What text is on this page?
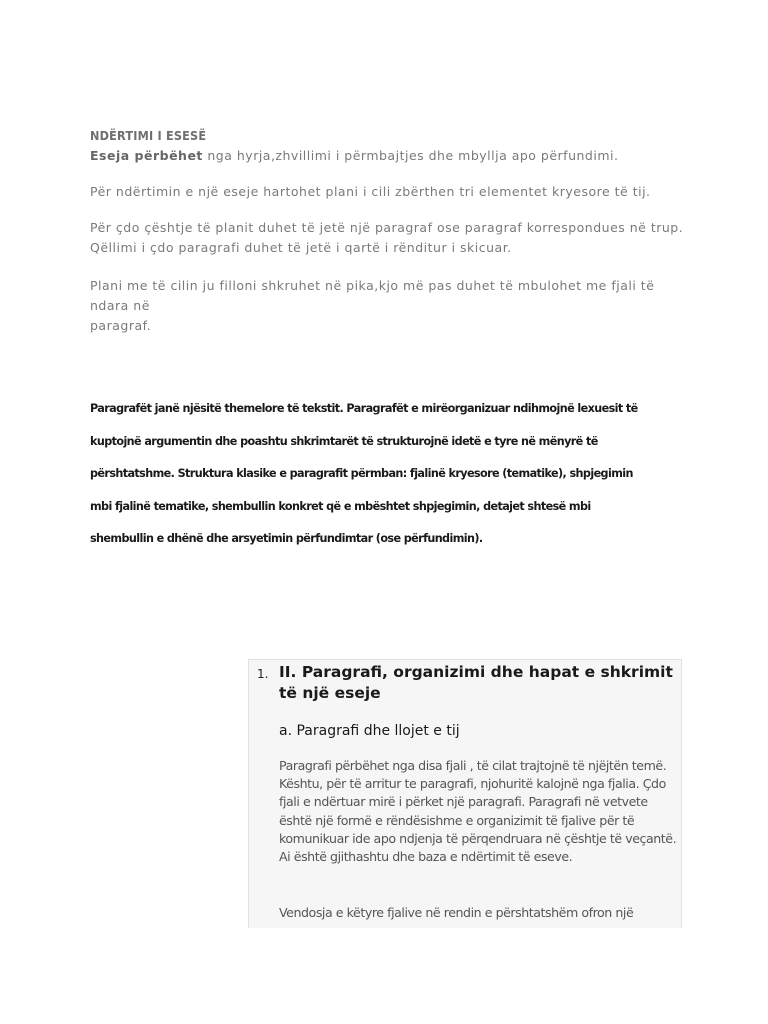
NDËRTIMI I ESESË

Eseja përbëhet nga hyrja,zhvillimi i përmbajtjes dhe mbyllja apo përfundimi.

Për ndërtimin e një eseje hartohet plani i cili zbërthen tri elementet kryesore të tij.

Për çdo çështje të planit duhet të jetë një paragraf ose paragraf korrespondues në trup.
Qëllimi i çdo paragrafi duhet të jetë i qartë i rënditur i skicuar.
Plani me të cilin ju filloni shkruhet në pika,kjo më pas duhet të mbulohet me fjali të ndara në
paragraf.

Paragrafët janë njësitë themelore të tekstit. Paragrafët e mirëorganizuar ndihmojnë lexuesit të

kuptojnë argumentin dhe poashtu shkrimtarët të strukturojnë idetë e tyre në mënyrë të

përshtatshme. Struktura klasike e paragrafit përmban: fjalinë kryesore (tematike), shpjegimin

mbi fjalinë tematike, shembullin konkret që e mbështet shpjegimin, detajet shtesë mbi

shembullin e dhënë dhe arsyetimin përfundimtar (ose përfundimin).

1. II. Paragrafi, organizimi dhe hapat e shkrimit të një eseje
a. Paragrafi dhe llojet e tij

Paragrafi përbëhet nga disa fjali , të cilat trajtojnë të njëjtën temë. Kështu, për të arritur te paragrafi, njohuritë kalojnë nga fjalia. Çdo fjali e ndërtuar mirë i përket një paragrafi. Paragrafi në vetvete është një formë e rëndësishme e organizimit të fjalive për të komunikuar ide apo ndjenja të përqendruara në çështje të veçantë. Ai është gjithashtu dhe baza e ndërtimit të eseve.

Vendosja e këtyre fjalive në rendin e përshtatshëm ofron një
